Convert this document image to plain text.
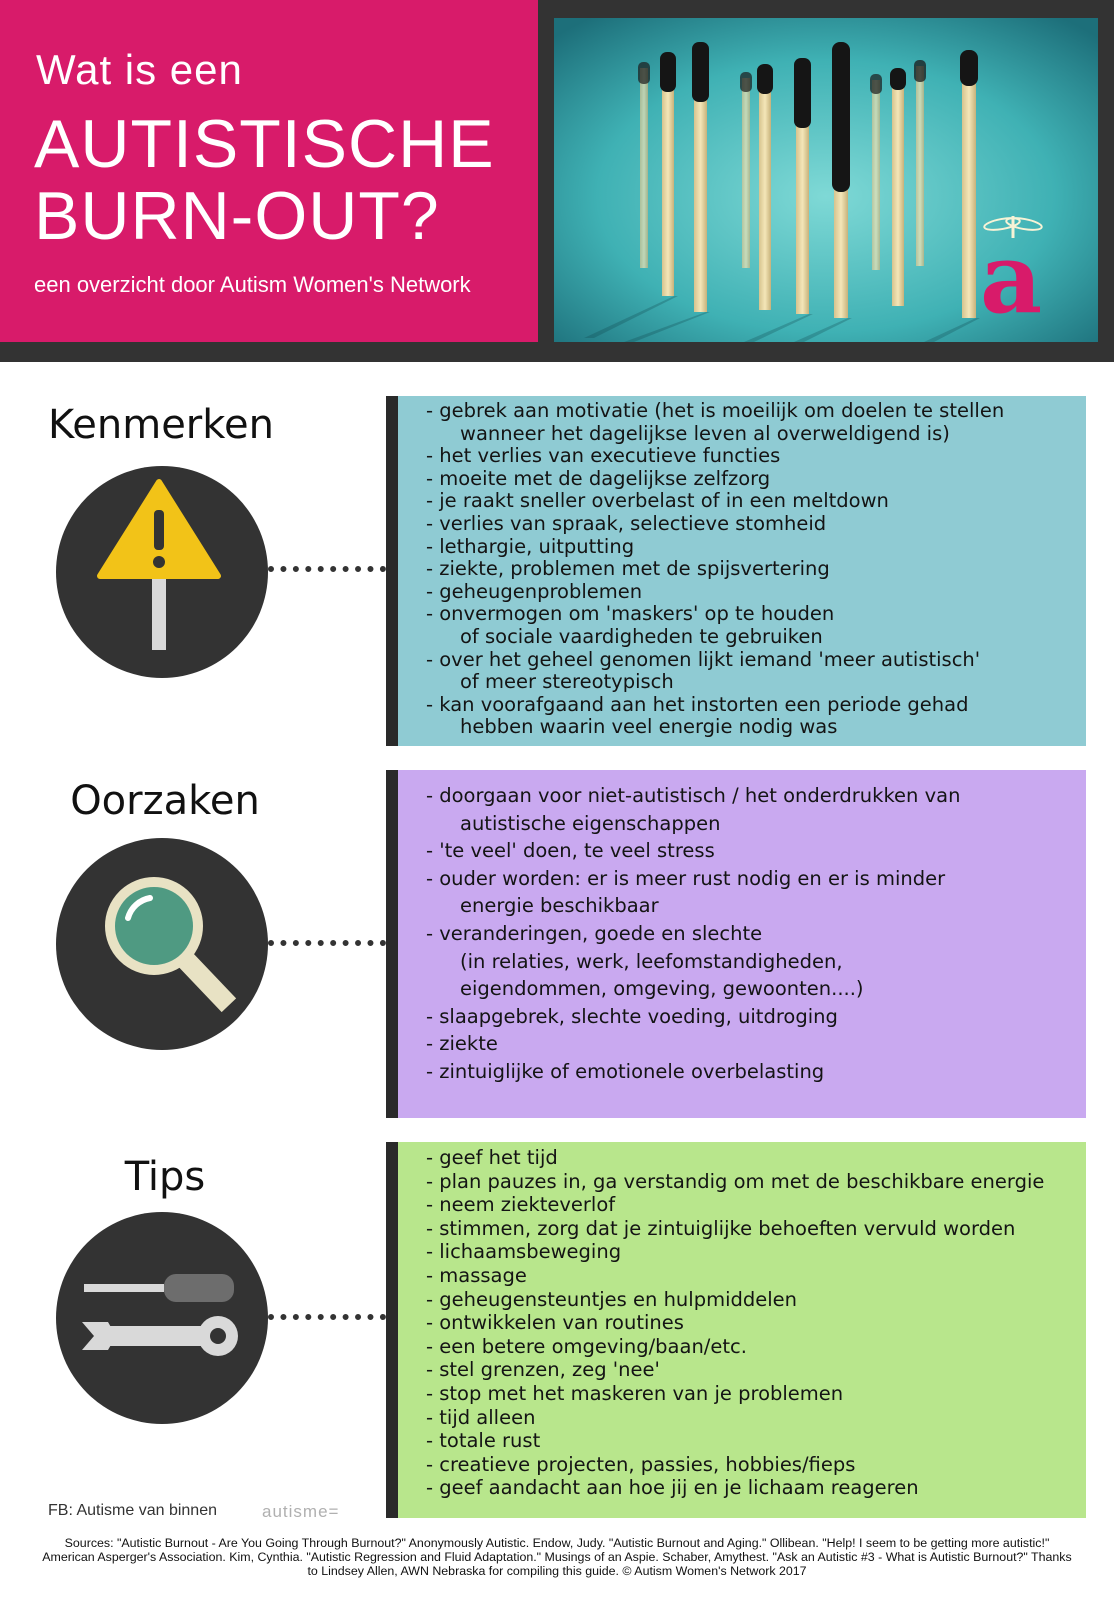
Wat is een
AUTISTISCHE
BURN-OUT?
een overzicht door Autism Women's Network	a
Kenmerken	- gebrek aan motivatie (het is moeilijk om doelen te stellen
wanneer het dagelijkse leven al overweldigend is)
- het verlies van executieve functies
- moeite met de dagelijkse zelfzorg
- je raakt sneller overbelast of in een meltdown
- verlies van spraak, selectieve stomheid
- lethargie, uitputting
- ziekte, problemen met de spijsvertering
- geheugenproblemen
- onvermogen om 'maskers' op te houden
of sociale vaardigheden te gebruiken
- over het geheel genomen lijkt iemand 'meer autistisch'
of meer stereotypisch
- kan voorafgaand aan het instorten een periode gehad
hebben waarin veel energie nodig was
Oorzaken	- doorgaan voor niet-autistisch / het onderdrukken van
autistische eigenschappen
- 'te veel' doen, te veel stress
- ouder worden: er is meer rust nodig en er is minder
energie beschikbaar
- veranderingen, goede en slechte
(in relaties, werk, leefomstandigheden,
eigendommen, omgeving, gewoonten....)
- slaapgebrek, slechte voeding, uitdroging
- ziekte
- zintuiglijke of emotionele overbelasting
Tips	- geef het tijd
- plan pauzes in, ga verstandig om met de beschikbare energie
- neem ziekteverlof
- stimmen, zorg dat je zintuiglijke behoeften vervuld worden
- lichaamsbeweging
- massage
- geheugensteuntjes en hulpmiddelen
- ontwikkelen van routines
- een betere omgeving/baan/etc.
- stel grenzen, zeg 'nee'
- stop met het maskeren van je problemen
- tijd alleen
- totale rust
- creatieve projecten, passies, hobbies/fieps
- geef aandacht aan hoe jij en je lichaam reageren
FB: Autisme van binnen	autisme=
Sources: "Autistic Burnout - Are You Going Through Burnout?" Anonymously Autistic. Endow, Judy. "Autistic Burnout and Aging." Ollibean. "Help! I seem to be getting more autistic!" American Asperger's Association. Kim, Cynthia. "Autistic Regression and Fluid Adaptation." Musings of an Aspie. Schaber, Amythest. "Ask an Autistic #3 - What is Autistic Burnout?" Thanks to Lindsey Allen, AWN Nebraska for compiling this guide. © Autism Women's Network 2017
